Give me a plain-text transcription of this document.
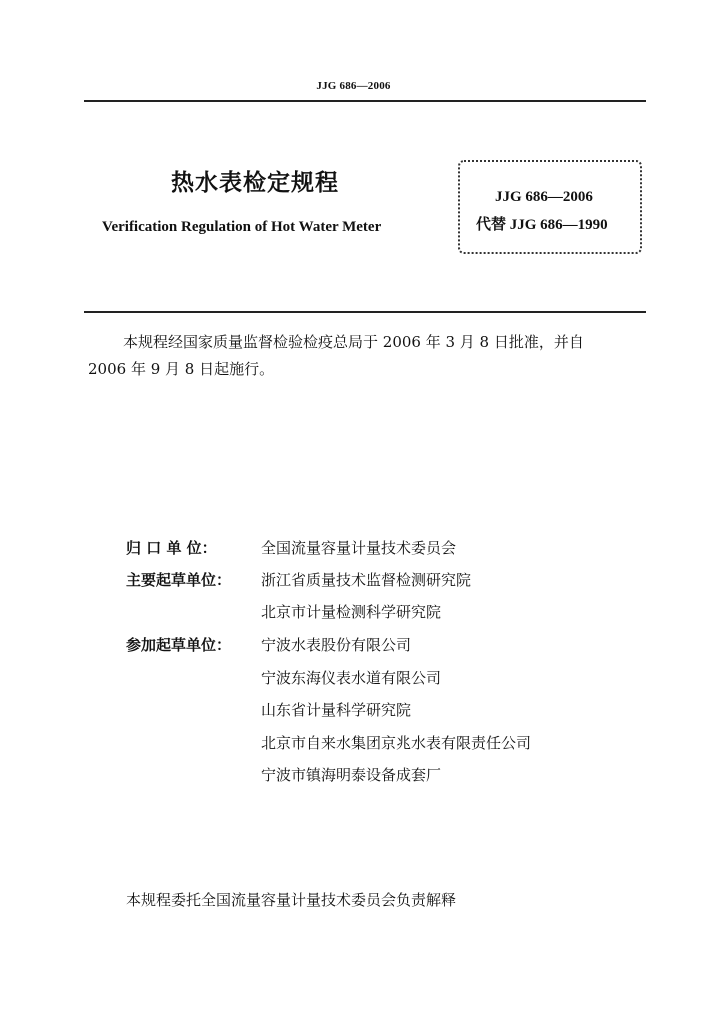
JJG 686—2006
热水表检定规程
Verification Regulation of Hot Water Meter
JJG 686—2006
代替 JJG 686—1990
本规程经国家质量监督检验检疫总局于 2006 年 3 月 8 日批准，并自
2006 年 9 月 8 日起施行。
归 口 单 位：	全国流量容量计量技术委员会
主要起草单位： 浙江省质量技术监督检测研究院
北京市计量检测科学研究院
参加起草单位： 宁波水表股份有限公司
宁波东海仪表水道有限公司
山东省计量科学研究院
北京市自来水集团京兆水表有限责任公司
宁波市镇海明泰设备成套厂
本规程委托全国流量容量计量技术委员会负责解释
